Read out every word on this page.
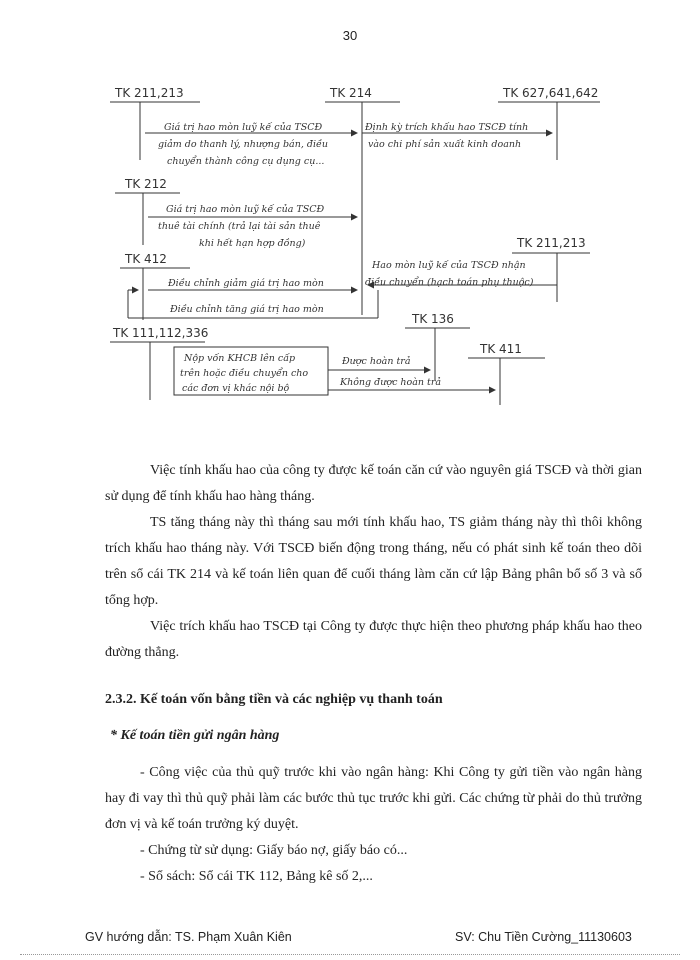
30
TK 211,213	TK 214	TK 627,641,642
TK 212
TK 211,213
TK 412
TK 111,112,336
TK 136
TK 411
Giá trị hao mòn luỹ kế của TSCĐ
giảm do thanh lý, nhượng bán, điều
chuyển thành công cụ dụng cụ...
Định kỳ trích khấu hao TSCĐ tính
vào chi phí sản xuất kinh doanh
Giá trị hao mòn luỹ kế của TSCĐ
thuê tài chính (trả lại tài sản thuê
khi hết hạn hợp đồng)
Hao mòn luỹ kế của TSCĐ nhận
điều chuyển (hạch toán phụ thuộc)
Điều chỉnh giảm giá trị hao mòn
Điều chỉnh tăng giá trị hao mòn
Nộp vốn KHCB lên cấp
trên hoặc điều chuyển cho
các đơn vị khác nội bộ
Được hoàn trả
Không được hoàn trả

Việc tính khấu hao của công ty được kế toán căn cứ vào nguyên giá TSCĐ và thời gian sử dụng để tính khấu hao hàng tháng.

TS tăng tháng này thì tháng sau mới tính khấu hao, TS giảm tháng này thì thôi không trích khấu hao tháng này. Với TSCĐ biến động trong tháng, nếu có phát sinh kế toán theo dõi trên sổ cái TK 214 và kế toán liên quan để cuối tháng làm căn cứ lập Bảng phân bổ số 3 và sổ tổng hợp.

Việc trích khấu hao TSCĐ tại Công ty được thực hiện theo phương pháp khấu hao theo đường thẳng.

2.3.2. Kế toán vốn bằng tiền và các nghiệp vụ thanh toán
* Kế toán tiền gửi ngân hàng

- Công việc của thủ quỹ trước khi vào ngân hàng: Khi Công ty gửi tiền vào ngân hàng hay đi vay thì thủ quỹ phải làm các bước thủ tục trước khi gửi. Các chứng từ phải do thủ trưởng đơn vị và kế toán trưởng ký duyệt.

- Chứng từ sử dụng: Giấy báo nợ, giấy báo có...

- Sổ sách: Sổ cái TK 112, Bảng kê số 2,...

GV hướng dẫn: TS. Phạm Xuân Kiên	SV: Chu Tiền Cường_11130603
